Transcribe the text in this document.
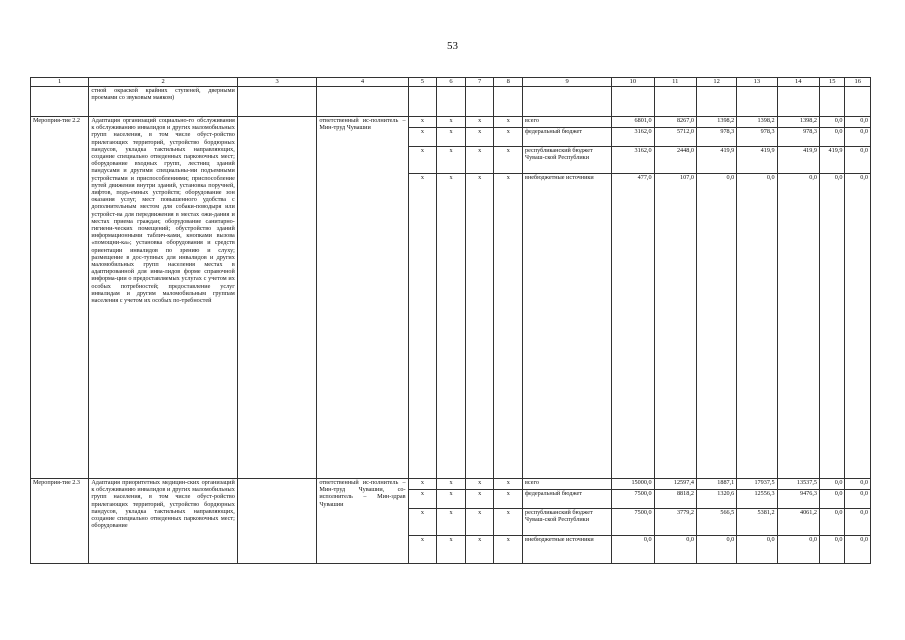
53
1	2	3	4	5	6	7	8	9	10	11	12	13	14	15	16
	стной окраской крайних ступеней, дверными проемами со звуковым маяком)														
Мероприя-тие 2.2	Адаптация организаций социально-го обслуживания к обслуживанию инвалидов и других маломобильных групп населения, в том числе обуст-ройство прилегающих территорий, устройство бордюрных пандусов, укладка тактильных направляющих, создание специально отведенных парковочных мест; оборудование входных групп, лестниц зданий пандусами и другими специальны-ми подъемными устройствами и приспособлениями; приспособление путей движения внутри зданий, установка поручней, лифтов, подъ-емных устройств; оборудование зон оказания услуг, мест повышенного удобства с дополнительным местом для собаки-поводыря или устройст-ва для передвижения в местах ожи-дания и местах приема граждан; оборудование санитарно-гигиени-ческих помещений; обустройство зданий информационными таблич-ками, кнопками вызова «помощни-ка»; установка оборудования и средств ориентации инвалидов по зрению и слуху; размещение в дос-тупных для инвалидов и других маломобильных групп населения местах в адаптированной для инва-лидов форме справочной информа-ции о предоставляемых услугах с учетом их особых потребностей; предоставление услуг инвалидам и другим маломобильным группам населения с учетом их особых по-требностей		ответственный ис-полнитель – Мин-труд Чувашии	x	x	x	x	всего	6801,0	8267,0	1398,2	1398,2	1398,2	0,0	0,0
				x	x	x	x	федеральный бюджет	3162,0	5712,0	978,3	978,3	978,3	0,0	0,0
				x	x	x	x	республиканский бюджет Чуваш-ской Республики	3162,0	2448,0	419,9	419,9	419,9	419,9	0,0
				x	x	x	x	внебюджетные источники	477,0	107,0	0,0	0,0	0,0	0,0	0,0
Мероприя-тие 2.3	Адаптация приоритетных медицин-ских организаций к обслуживанию инвалидов и других маломобильных групп населения, в том числе обуст-ройство прилегающих территорий, устройство бордюрных пандусов, укладка тактильных направляющих, создание специально отведенных парковочных мест; оборудование		ответственный ис-полнитель – Мин-труд Чувашии, со-исполнитель – Мин-здрав Чувашии	x	x	x	x	всего	15000,0	12597,4	1887,1	17937,5	13537,5	0,0	0,0
				x	x	x	x	федеральный бюджет	7500,0	8818,2	1320,6	12556,3	9476,3	0,0	0,0
				x	x	x	x	республиканский бюджет Чуваш-ской Республики	7500,0	3779,2	566,5	5381,2	4061,2	0,0	0,0
				x	x	x	x	внебюджетные источники	0,0	0,0	0,0	0,0	0,0	0,0	0,0
